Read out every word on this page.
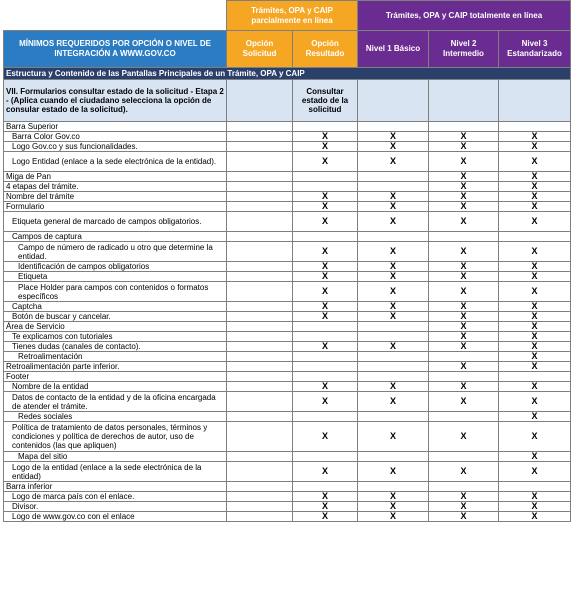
	Trámites, OPA y CAIP parcialmente en línea		Trámites, OPA y CAIP totalmente en línea		
MÍNIMOS REQUERIDOS POR OPCIÓN O NIVEL DE INTEGRACIÓN A WWW.GOV.CO	Opción Solicitud	Opción Resultado	Nivel 1 Básico	Nivel 2 Intermedio	Nivel 3 Estandarizado
Estructura y Contenido de las Pantallas Principales de un Trámite, OPA y CAIP					
VII. Formularios consultar estado de la solicitud - Etapa 2 - (Aplica cuando el ciudadano selecciona la opción de consular estado de la solicitud).		Consultar estado de la solicitud			
Barra Superior					
Barra Color Gov.co		X	X	X	X
Logo Gov.co y sus funcionalidades.		X	X	X	X
Logo Entidad (enlace a la sede electrónica de la entidad).		X	X	X	X
Miga de Pan				X	X
4 etapas del trámite.				X	X
Nombre del trámite		X	X	X	X
Formulario		X	X	X	X
Etiqueta general de marcado de campos obligatorios.		X	X	X	X
Campos de captura					
Campo de número de radicado u otro que determine la entidad.		X	X	X	X
Identificación de campos obligatorios		X	X	X	X
Etiqueta		X	X	X	X
Place Holder para campos con contenidos o formatos específicos		X	X	X	X
Captcha		X	X	X	X
Botón de buscar y cancelar.		X	X	X	X
Área de Servicio				X	X
Te explicamos con tutoriales				X	X
Tienes dudas (canales de contacto).		X	X	X	X
Retroalimentación					X
Retroalimentación parte inferior.				X	X
Footer					
Nombre de la entidad		X	X	X	X
Datos de contacto de la entidad y de la oficina encargada de atender el trámite.		X	X	X	X
Redes sociales					X
Política de tratamiento de datos personales, términos y condiciones y política de derechos de autor, uso de contenidos (las que apliquen)		X	X	X	X
Mapa del sitio					X
Logo de la entidad (enlace a la sede electrónica de la entidad)		X	X	X	X
Barra inferior					
Logo de marca país con el enlace.		X	X	X	X
Divisor.		X	X	X	X
Logo de www.gov.co con el enlace		X	X	X	X
